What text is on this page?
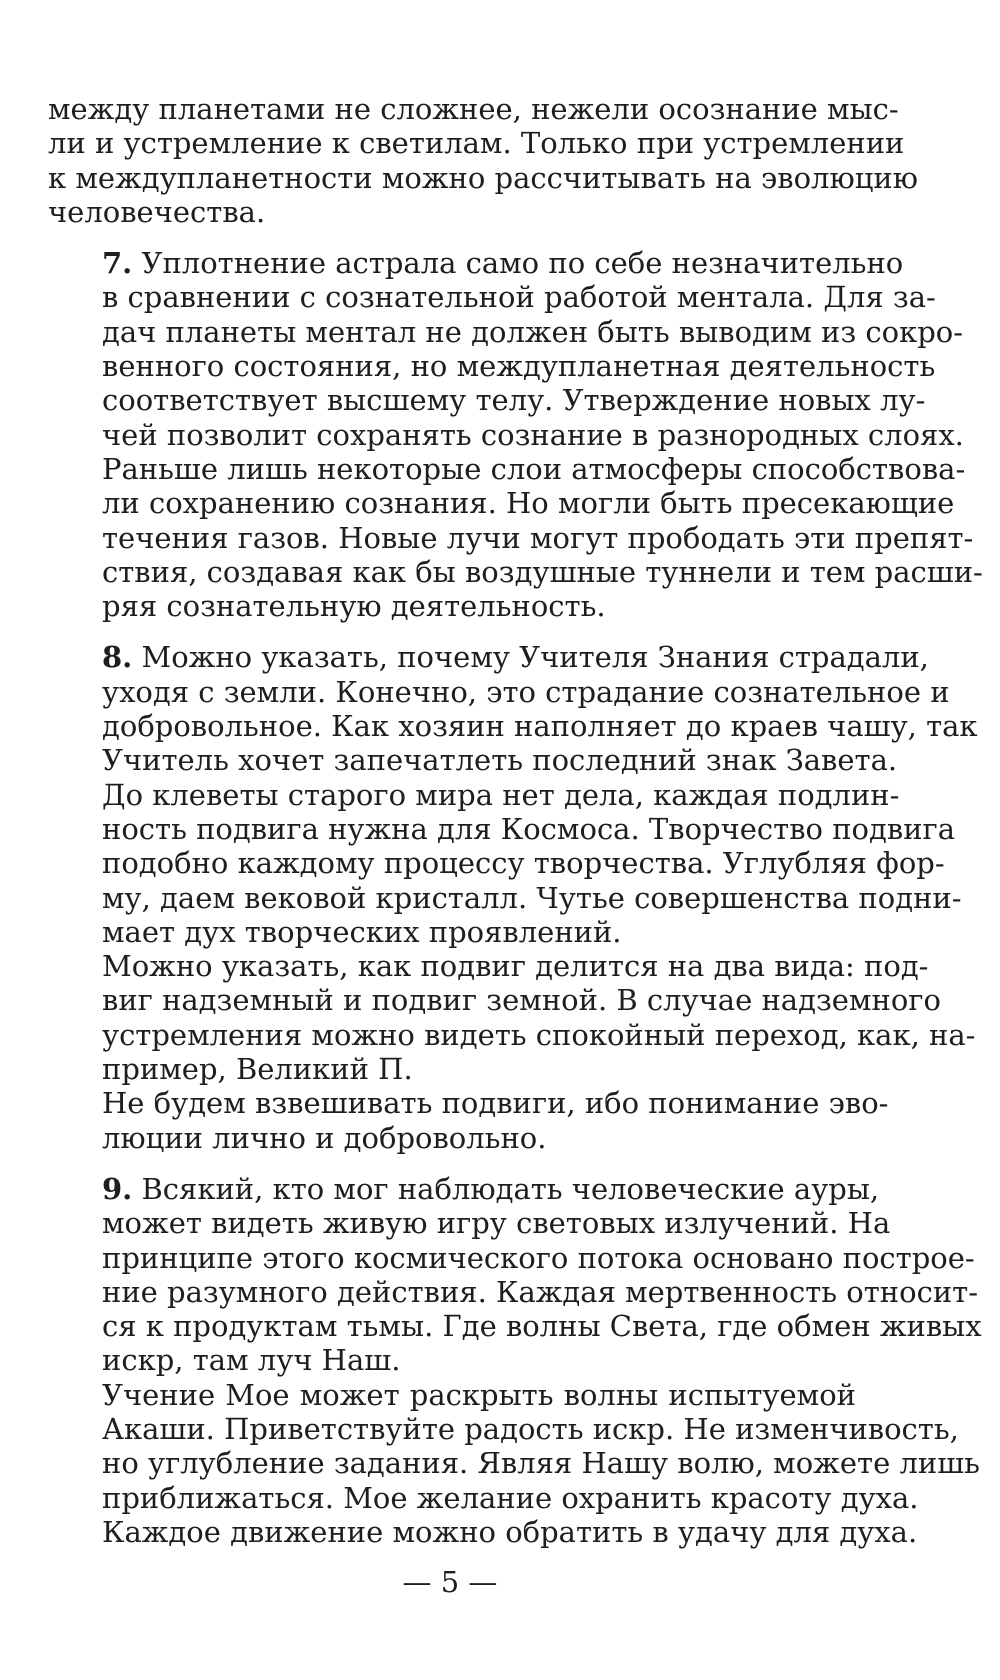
между планетами не сложнее, нежели осознание мыс-
ли и устремление к светилам. Только при устремлении
к междупланетности можно рассчитывать на эволюцию
человечества.
7. Уплотнение астрала само по себе незначительно
в сравнении с сознательной работой ментала. Для за-
дач планеты ментал не должен быть выводим из сокро-
венного состояния, но междупланетная деятельность
соответствует высшему телу. Утверждение новых лу-
чей позволит сохранять сознание в разнородных слоях.
Раньше лишь некоторые слои атмосферы способствова-
ли сохранению сознания. Но могли быть пресекающие
течения газов. Новые лучи могут прободать эти препят-
ствия, создавая как бы воздушные туннели и тем расши-
ряя сознательную деятельность.
8. Можно указать, почему Учителя Знания страдали,
уходя с земли. Конечно, это страдание сознательное и
добровольное. Как хозяин наполняет до краев чашу, так
Учитель хочет запечатлеть последний знак Завета.
До клеветы старого мира нет дела, каждая подлин-
ность подвига нужна для Космоса. Творчество подвига
подобно каждому процессу творчества. Углубляя фор-
му, даем вековой кристалл. Чутье совершенства подни-
мает дух творческих проявлений.
Можно указать, как подвиг делится на два вида: под-
виг надземный и подвиг земной. В случае надземного
устремления можно видеть спокойный переход, как, на-
пример, Великий П.
Не будем взвешивать подвиги, ибо понимание эво-
люции лично и добровольно.
9. Всякий, кто мог наблюдать человеческие ауры,
может видеть живую игру световых излучений. На
принципе этого космического потока основано построе-
ние разумного действия. Каждая мертвенность относит-
ся к продуктам тьмы. Где волны Света, где обмен живых
искр, там луч Наш.
Учение Мое может раскрыть волны испытуемой
Акаши. Приветствуйте радость искр. Не изменчивость,
но углубление задания. Являя Нашу волю, можете лишь
приближаться. Мое желание охранить красоту духа.
Каждое движение можно обратить в удачу для духа.
— 5 —
